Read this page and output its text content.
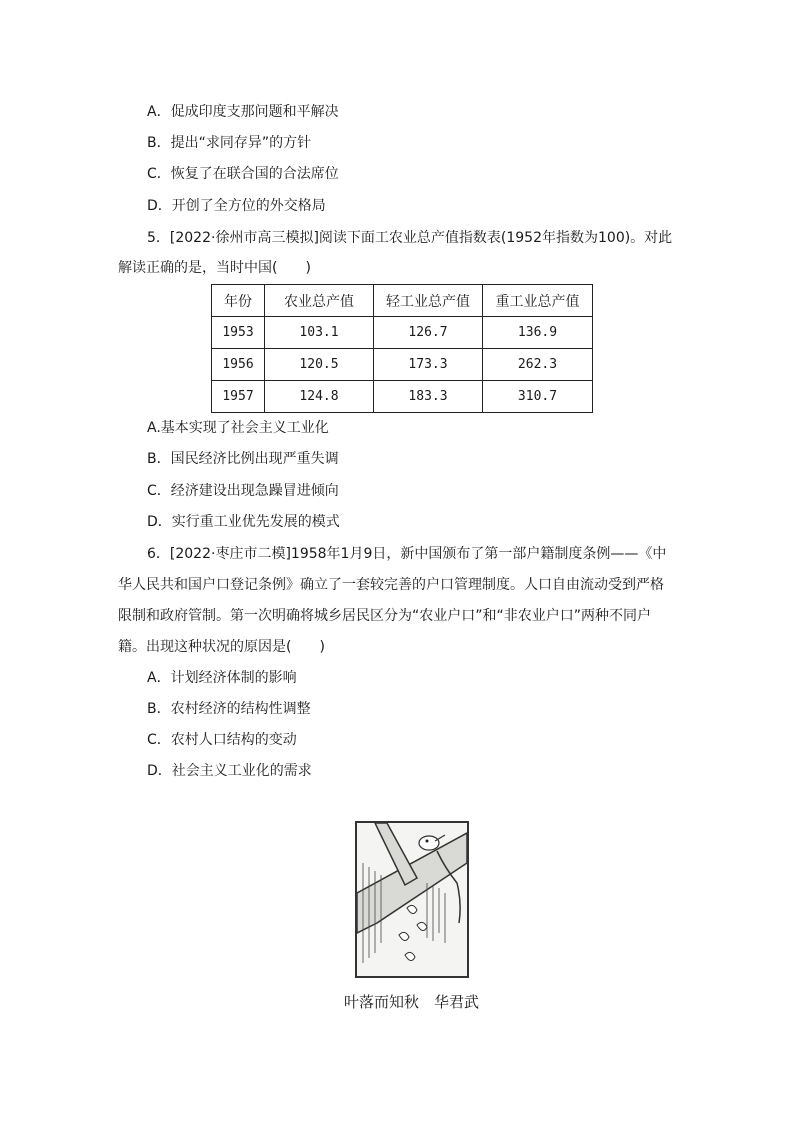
A．促成印度支那问题和平解决
B．提出“求同存异”的方针
C．恢复了在联合国的合法席位
D．开创了全方位的外交格局
5．[2022·徐州市高三模拟]阅读下面工农业总产值指数表(1952年指数为100)。对此
解读正确的是，当时中国(　　)
年份	农业总产值	轻工业总产值	重工业总产值
1953	103.1	126.7	136.9
1956	120.5	173.3	262.3
1957	124.8	183.3	310.7
A.基本实现了社会主义工业化
B．国民经济比例出现严重失调
C．经济建设出现急躁冒进倾向
D．实行重工业优先发展的模式
6．[2022·枣庄市二模]1958年1月9日，新中国颁布了第一部户籍制度条例——《中
华人民共和国户口登记条例》确立了一套较完善的户口管理制度。人口自由流动受到严格
限制和政府管制。第一次明确将城乡居民区分为“农业户口”和“非农业户口”两种不同户
籍。出现这种状况的原因是(　　)
A．计划经济体制的影响
B．农村经济的结构性调整
C．农村人口结构的变动
D．社会主义工业化的需求
叶落而知秋　华君武
